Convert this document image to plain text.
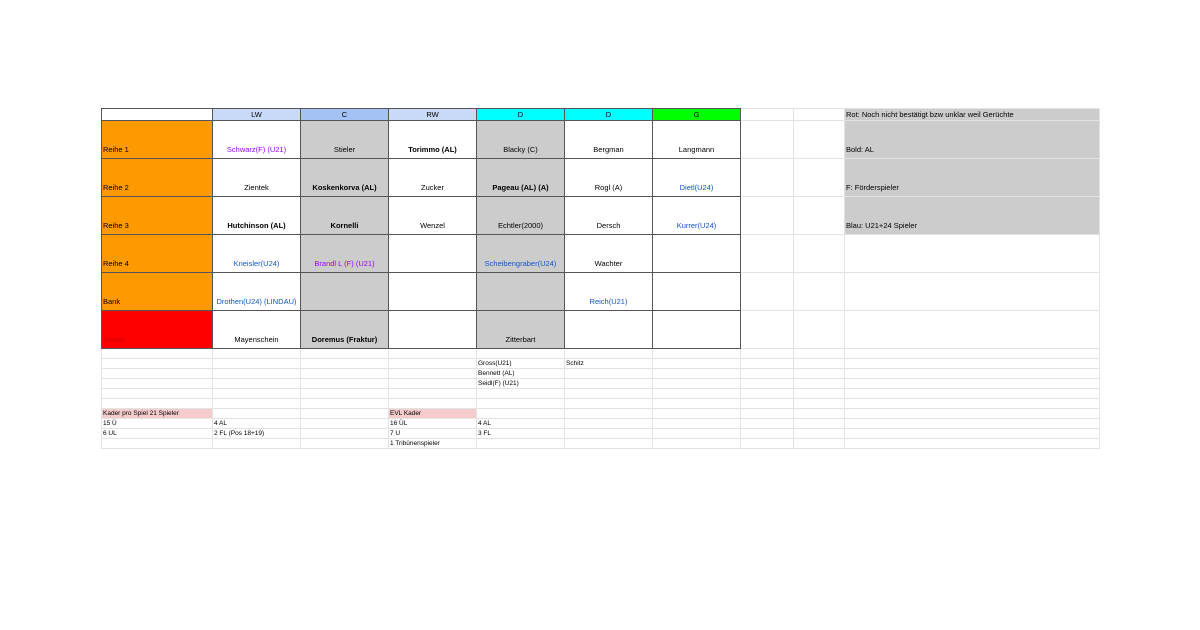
	LW	C	RW	D	D	G			Rot: Noch nicht bestätigt bzw unklar weil Gerüchte
Reihe 1	Schwarz(F) (U21)	Stieler	Torimmo (AL)	Blacky (C)	Bergman	Langmann			Bold: AL
Reihe 2	Zientek	Koskenkorva (AL)	Zucker	Pageau (AL) (A)	Rogl (A)	Dietl(U24)			F: Förderspieler
Reihe 3	Hutchinson (AL)	Kornelli	Wenzel	Echtler(2000)	Dersch	Kurrer(U24)			Blau: U21+24 Spieler
Reihe 4	Kneisler(U24)	Brandl L (F) (U21)		Scheibengraber(U24)	Wachter				
Bank	Drothen(U24) (LINDAU)				Reich(U21)				
Tribüne	Mayenschein	Doremus (Fraktur)		Zitterbart					

				Gross(U21)	Schitz				
				Bennett (AL)					
				Seidl(F) (U21)					

Kader pro Spiel 21 Spieler			EVL Kader						
15 Ü	4 AL		16 ÜL	4 AL					
6 UL	2 FL (Pos 18+19)		7 U	3 FL					
			1 Tribünenspieler						
